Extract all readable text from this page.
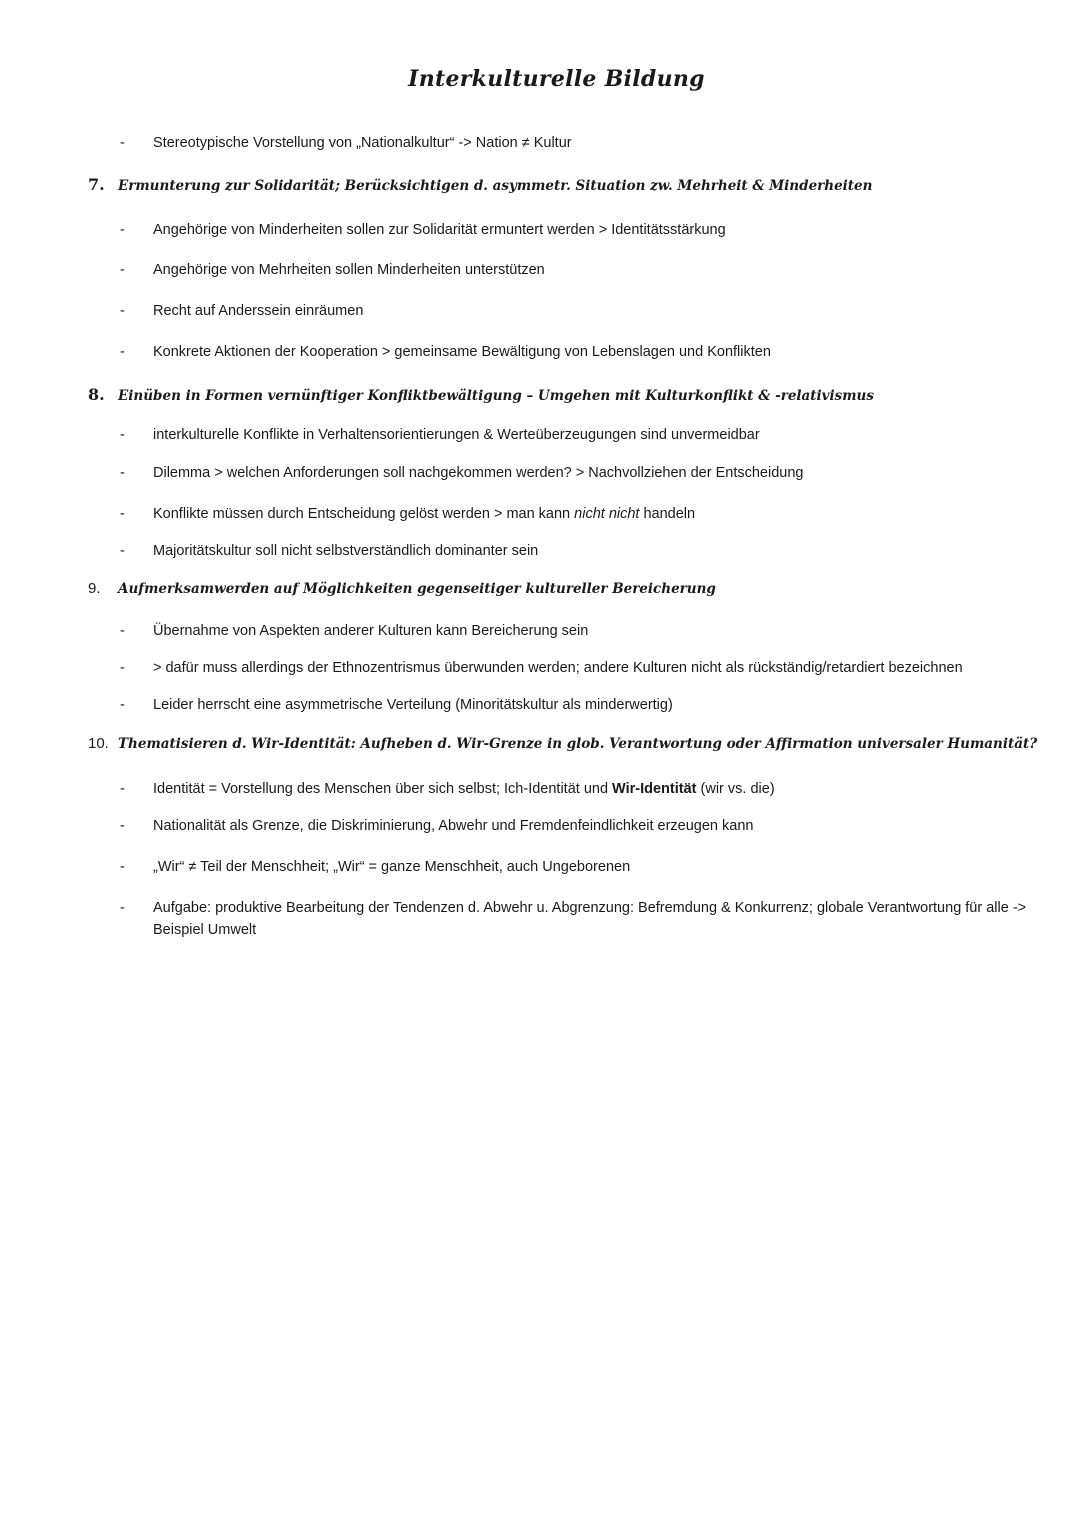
Interkulturelle Bildung
- Stereotypische Vorstellung von „Nationalkultur“ -> Nation ≠ Kultur
7. Ermunterung zur Solidarität; Berücksichtigen d. asymmetr. Situation zw. Mehrheit & Minderheiten
- Angehörige von Minderheiten sollen zur Solidarität ermuntert werden > Identitätsstärkung
- Angehörige von Mehrheiten sollen Minderheiten unterstützen
- Recht auf Anderssein einräumen
- Konkrete Aktionen der Kooperation > gemeinsame Bewältigung von Lebenslagen und Konflikten
8. Einüben in Formen vernünftiger Konfliktbewältigung – Umgehen mit Kulturkonflikt & -relativismus
- interkulturelle Konflikte in Verhaltensorientierungen & Werteüberzeugungen sind unvermeidbar
- Dilemma > welchen Anforderungen soll nachgekommen werden? > Nachvollziehen der Entscheidung
- Konflikte müssen durch Entscheidung gelöst werden > man kann nicht nicht handeln
- Majoritätskultur soll nicht selbstverständlich dominanter sein
9. Aufmerksamwerden auf Möglichkeiten gegenseitiger kultureller Bereicherung
- Übernahme von Aspekten anderer Kulturen kann Bereicherung sein
- > dafür muss allerdings der Ethnozentrismus überwunden werden; andere Kulturen nicht als rückständig/retardiert bezeichnen
- Leider herrscht eine asymmetrische Verteilung (Minoritätskultur als minderwertig)
10. Thematisieren d. Wir-Identität: Aufheben d. Wir-Grenze in glob. Verantwortung oder Affirmation universaler Humanität?
- Identität = Vorstellung des Menschen über sich selbst; Ich-Identität und Wir-Identität (wir vs. die)
- Nationalität als Grenze, die Diskriminierung, Abwehr und Fremdenfeindlichkeit erzeugen kann
- „Wir“ ≠ Teil der Menschheit; „Wir“ = ganze Menschheit, auch Ungeborenen
- Aufgabe: produktive Bearbeitung der Tendenzen d. Abwehr u. Abgrenzung: Befremdung & Konkurrenz; globale Verantwortung für alle -> Beispiel Umwelt
